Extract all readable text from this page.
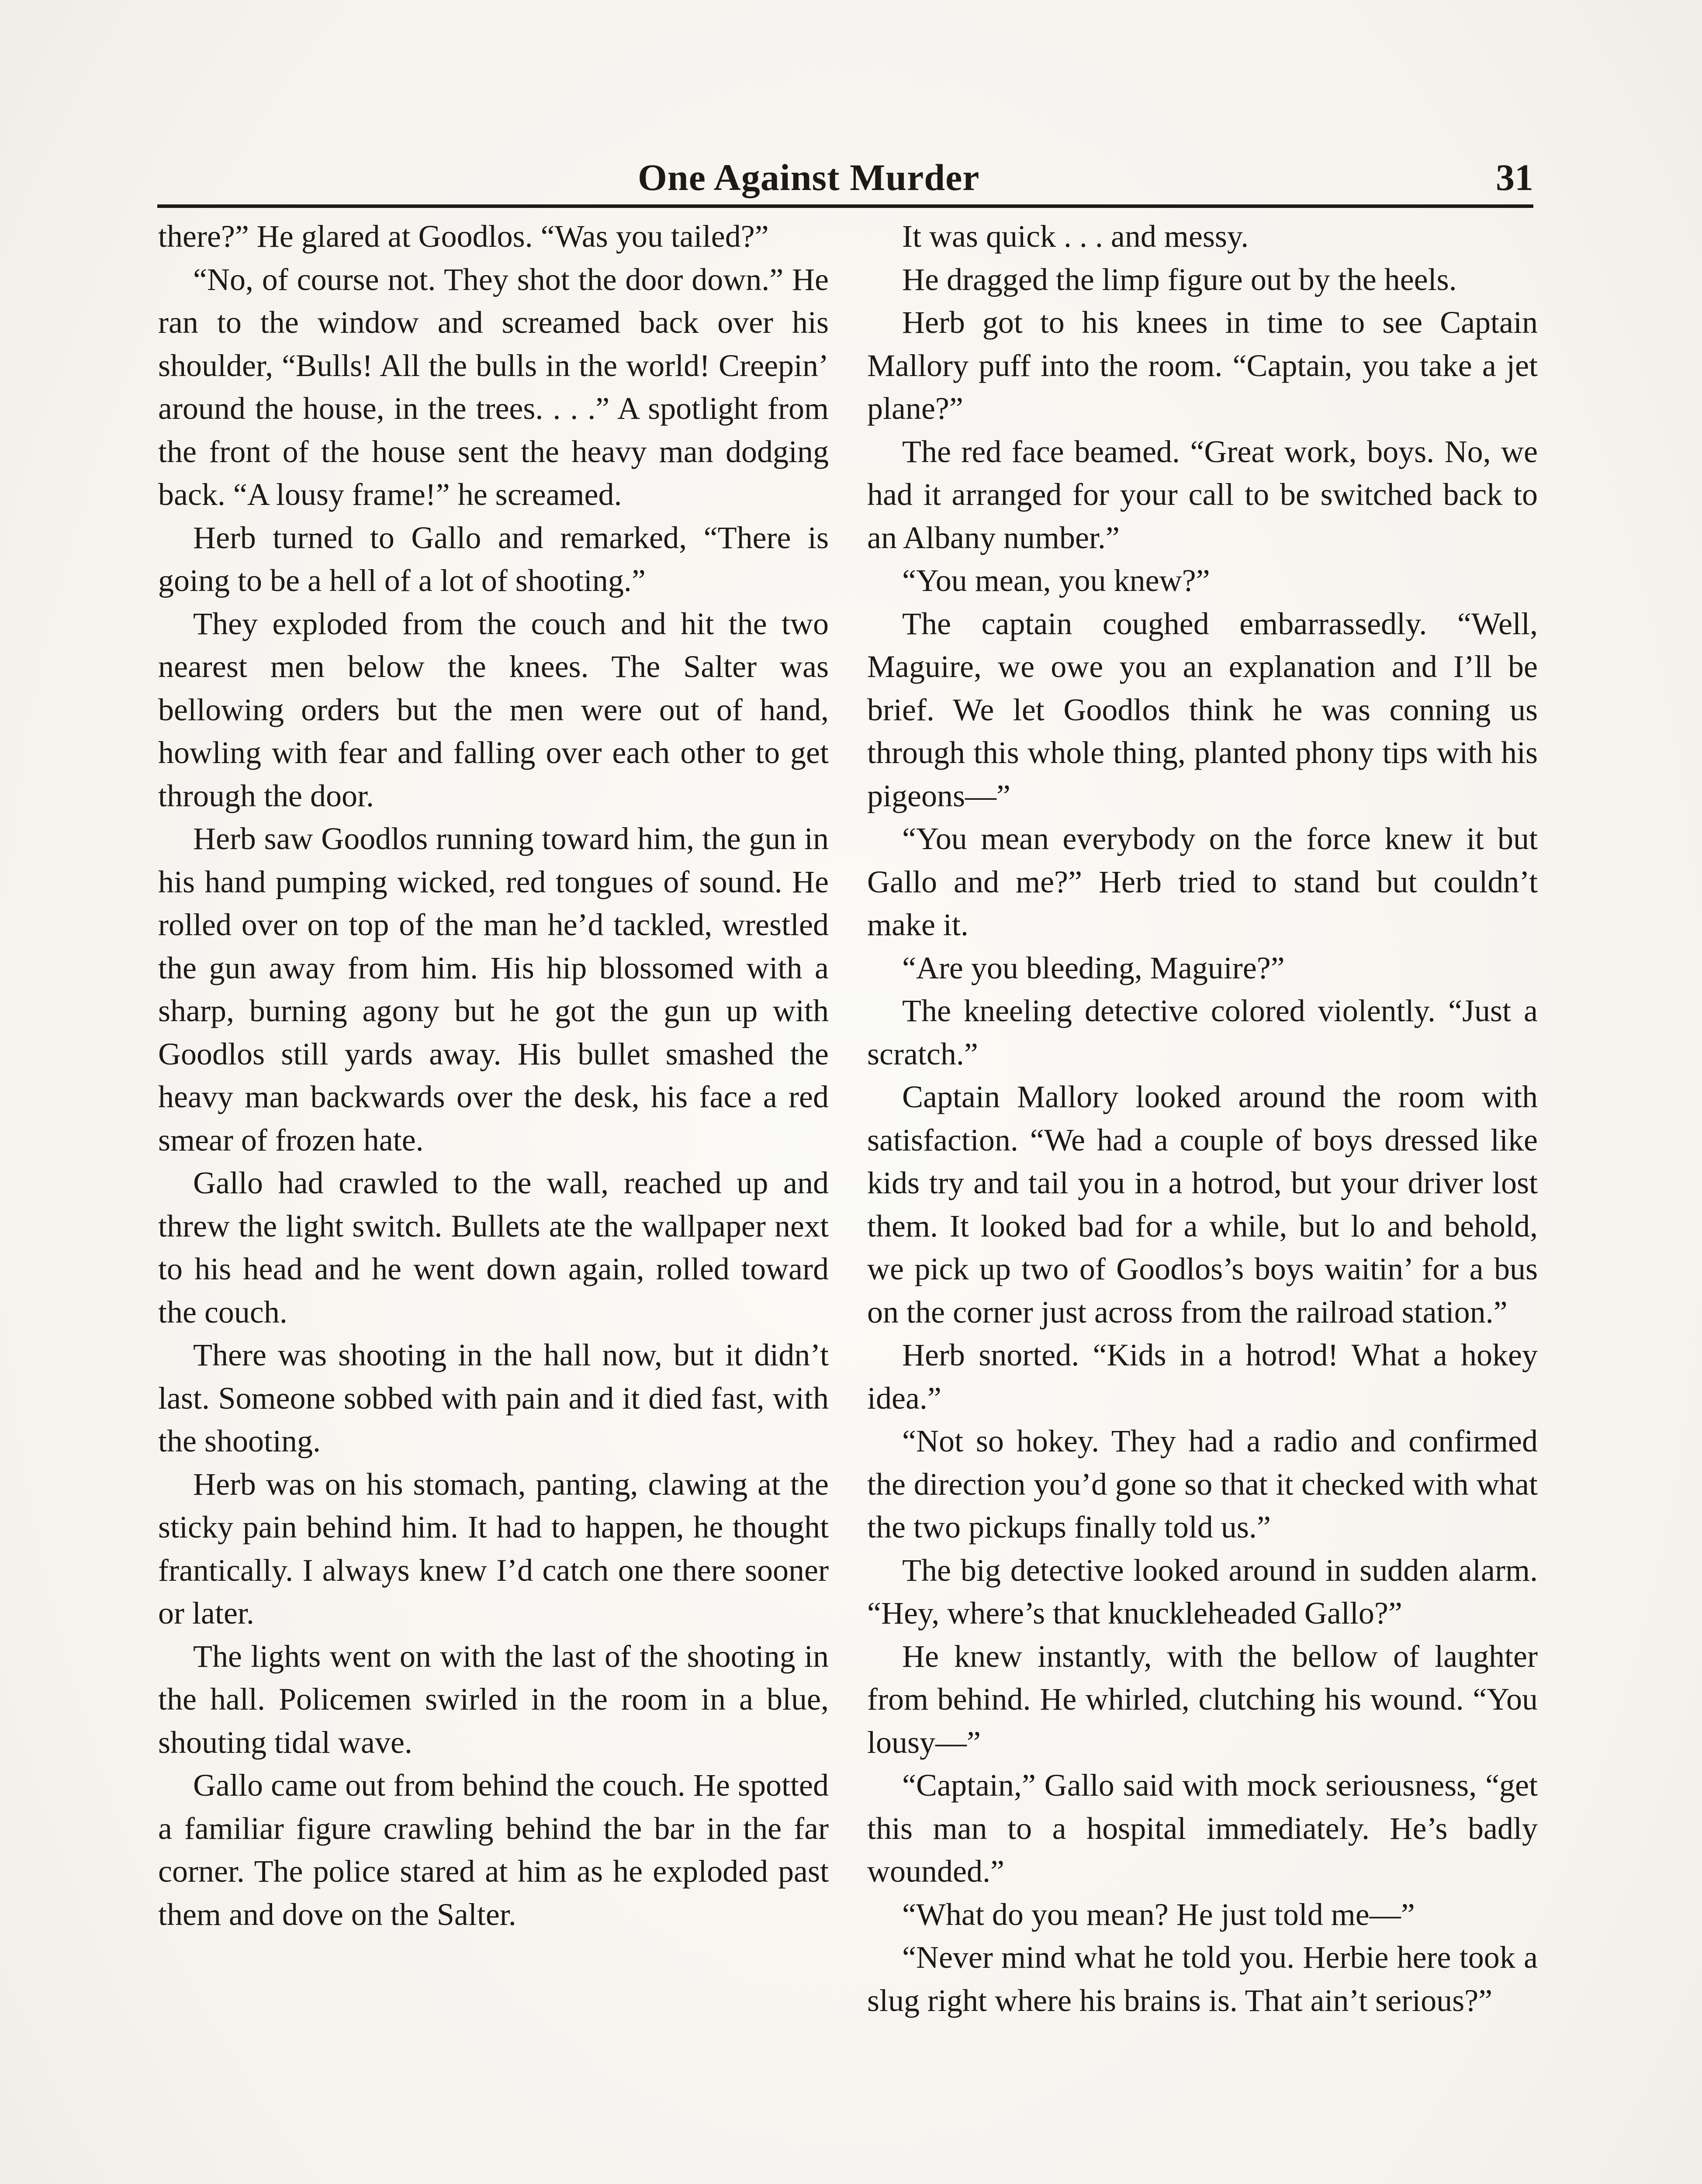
One Against Murder	31

there?” He glared at Goodlos. “Was you tailed?”

“No, of course not. They shot the door down.” He ran to the window and screamed back over his shoulder, “Bulls! All the bulls in the world! Creepin’ around the house, in the trees. . . .” A spotlight from the front of the house sent the heavy man dodging back. “A lousy frame!” he screamed.

Herb turned to Gallo and remarked, “There is going to be a hell of a lot of shooting.”

They exploded from the couch and hit the two nearest men below the knees. The Salter was bellowing orders but the men were out of hand, howling with fear and falling over each other to get through the door.

Herb saw Goodlos running toward him, the gun in his hand pumping wicked, red tongues of sound. He rolled over on top of the man he’d tackled, wrestled the gun away from him. His hip blossomed with a sharp, burning agony but he got the gun up with Goodlos still yards away. His bullet smashed the heavy man backwards over the desk, his face a red smear of frozen hate.

Gallo had crawled to the wall, reached up and threw the light switch. Bullets ate the wallpaper next to his head and he went down again, rolled toward the couch.

There was shooting in the hall now, but it didn’t last. Someone sobbed with pain and it died fast, with the shooting.

Herb was on his stomach, panting, clawing at the sticky pain behind him. It had to happen, he thought frantically. I always knew I’d catch one there sooner or later.

The lights went on with the last of the shooting in the hall. Policemen swirled in the room in a blue, shouting tidal wave.

Gallo came out from behind the couch. He spotted a familiar figure crawling behind the bar in the far corner. The police stared at him as he exploded past them and dove on the Salter.

It was quick . . . and messy.

He dragged the limp figure out by the heels.

Herb got to his knees in time to see Captain Mallory puff into the room. “Captain, you take a jet plane?”

The red face beamed. “Great work, boys. No, we had it arranged for your call to be switched back to an Albany number.”

“You mean, you knew?”

The captain coughed embarrassedly. “Well, Maguire, we owe you an explanation and I’ll be brief. We let Goodlos think he was conning us through this whole thing, planted phony tips with his pigeons—”

“You mean everybody on the force knew it but Gallo and me?” Herb tried to stand but couldn’t make it.

“Are you bleeding, Maguire?”

The kneeling detective colored violently. “Just a scratch.”

Captain Mallory looked around the room with satisfaction. “We had a couple of boys dressed like kids try and tail you in a hotrod, but your driver lost them. It looked bad for a while, but lo and behold, we pick up two of Goodlos’s boys waitin’ for a bus on the corner just across from the railroad station.”

Herb snorted. “Kids in a hotrod! What a hokey idea.”

“Not so hokey. They had a radio and confirmed the direction you’d gone so that it checked with what the two pickups finally told us.”

The big detective looked around in sudden alarm. “Hey, where’s that knuckleheaded Gallo?”

He knew instantly, with the bellow of laughter from behind. He whirled, clutching his wound. “You lousy—”

“Captain,” Gallo said with mock seriousness, “get this man to a hospital immediately. He’s badly wounded.”

“What do you mean? He just told me—”

“Never mind what he told you. Herbie here took a slug right where his brains is. That ain’t serious?”
